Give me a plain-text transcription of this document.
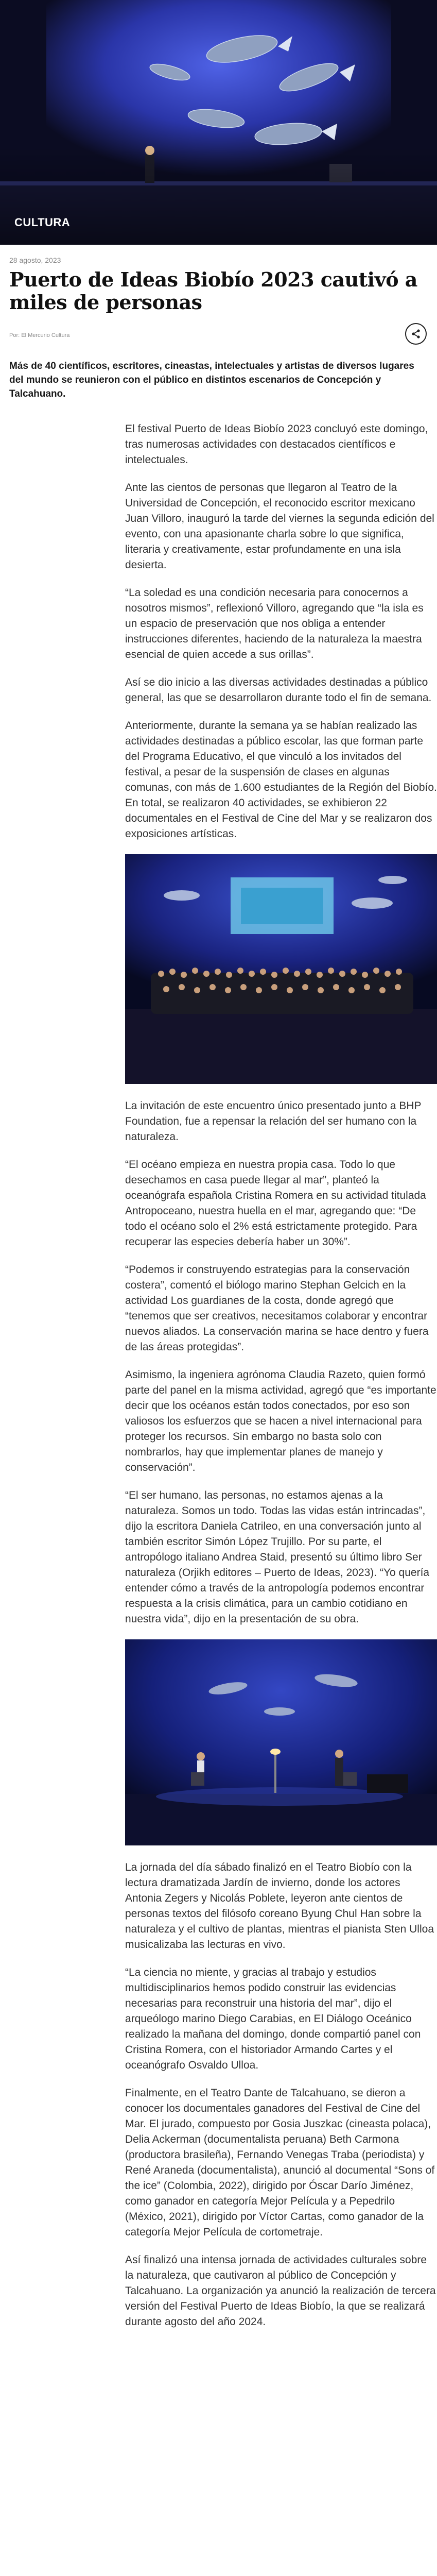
CULTURA
28 agosto, 2023
Puerto de Ideas Biobío 2023 cautivó a miles de personas
Por: El Mercurio Cultura

Más de 40 científicos, escritores, cineastas, intelectuales y artistas de diversos lugares del mundo se reunieron con el público en distintos escenarios de Concepción y Talcahuano.

El festival Puerto de Ideas Biobío 2023 concluyó este domingo, tras numerosas actividades con destacados científicos e intelectuales.

Ante las cientos de personas que llegaron al Teatro de la Universidad de Concepción, el reconocido escritor mexicano Juan Villoro, inauguró la tarde del viernes la segunda edición del evento, con una apasionante charla sobre lo que significa, literaria y creativamente, estar profundamente en una isla desierta.

“La soledad es una condición necesaria para conocernos a nosotros mismos”, reflexionó Villoro, agregando que “la isla es un espacio de preservación que nos obliga a entender instrucciones diferentes, haciendo de la naturaleza la maestra esencial de quien accede a sus orillas”.

Así se dio inicio a las diversas actividades destinadas a público general, las que se desarrollaron durante todo el fin de semana.

Anteriormente, durante la semana ya se habían realizado las actividades destinadas a público escolar, las que forman parte del Programa Educativo, el que vinculó a los invitados del festival, a pesar de la suspensión de clases en algunas comunas, con más de 1.600 estudiantes de la Región del Biobío. En total, se realizaron 40 actividades, se exhibieron 22 documentales en el Festival de Cine del Mar y se realizaron dos exposiciones artísticas.

La invitación de este encuentro único presentado junto a BHP Foundation, fue a repensar la relación del ser humano con la naturaleza.

“El océano empieza en nuestra propia casa. Todo lo que desechamos en casa puede llegar al mar”, planteó la oceanógrafa española Cristina Romera en su actividad titulada Antropoceano, nuestra huella en el mar, agregando que: “De todo el océano solo el 2% está estrictamente protegido. Para recuperar las especies debería haber un 30%”.

“Podemos ir construyendo estrategias para la conservación costera”, comentó el biólogo marino Stephan Gelcich en la actividad Los guardianes de la costa, donde agregó que “tenemos que ser creativos, necesitamos colaborar y encontrar nuevos aliados. La conservación marina se hace dentro y fuera de las áreas protegidas”.

Asimismo, la ingeniera agrónoma Claudia Razeto, quien formó parte del panel en la misma actividad, agregó que “es importante decir que los océanos están todos conectados, por eso son valiosos los esfuerzos que se hacen a nivel internacional para proteger los recursos. Sin embargo no basta solo con nombrarlos, hay que implementar planes de manejo y conservación”.

“El ser humano, las personas, no estamos ajenas a la naturaleza. Somos un todo. Todas las vidas están intrincadas”, dijo la escritora Daniela Catrileo, en una conversación junto al también escritor Simón López Trujillo. Por su parte, el antropólogo italiano Andrea Staid, presentó su último libro Ser naturaleza (Orjikh editores – Puerto de Ideas, 2023). “Yo quería entender cómo a través de la antropología podemos encontrar respuesta a la crisis climática, para un cambio cotidiano en nuestra vida”, dijo en la presentación de su obra.

La jornada del día sábado finalizó en el Teatro Biobío con la lectura dramatizada Jardín de invierno, donde los actores Antonia Zegers y Nicolás Poblete, leyeron ante cientos de personas textos del filósofo coreano Byung Chul Han sobre la naturaleza y el cultivo de plantas, mientras el pianista Sten Ulloa musicalizaba las lecturas en vivo.

“La ciencia no miente, y gracias al trabajo y estudios multidisciplinarios hemos podido construir las evidencias necesarias para reconstruir una historia del mar”, dijo el arqueólogo marino Diego Carabias, en El Diálogo Oceánico realizado la mañana del domingo, donde compartió panel con Cristina Romera, con el historiador Armando Cartes y el oceanógrafo Osvaldo Ulloa.

Finalmente, en el Teatro Dante de Talcahuano, se dieron a conocer los documentales ganadores del Festival de Cine del Mar. El jurado, compuesto por Gosia Juszkac (cineasta polaca), Delia Ackerman (documentalista peruana) Beth Carmona (productora brasileña), Fernando Venegas Traba (periodista) y René Araneda (documentalista), anunció al documental “Sons of the ice” (Colombia, 2022), dirigido por Óscar Darío Jiménez, como ganador en categoría Mejor Película y a Pepedrilo (México, 2021), dirigido por Víctor Cartas, como ganador de la categoría Mejor Película de cortometraje.

Así finalizó una intensa jornada de actividades culturales sobre la naturaleza, que cautivaron al público de Concepción y Talcahuano. La organización ya anunció la realización de tercera versión del Festival Puerto de Ideas Biobío, la que se realizará durante agosto del año 2024.
